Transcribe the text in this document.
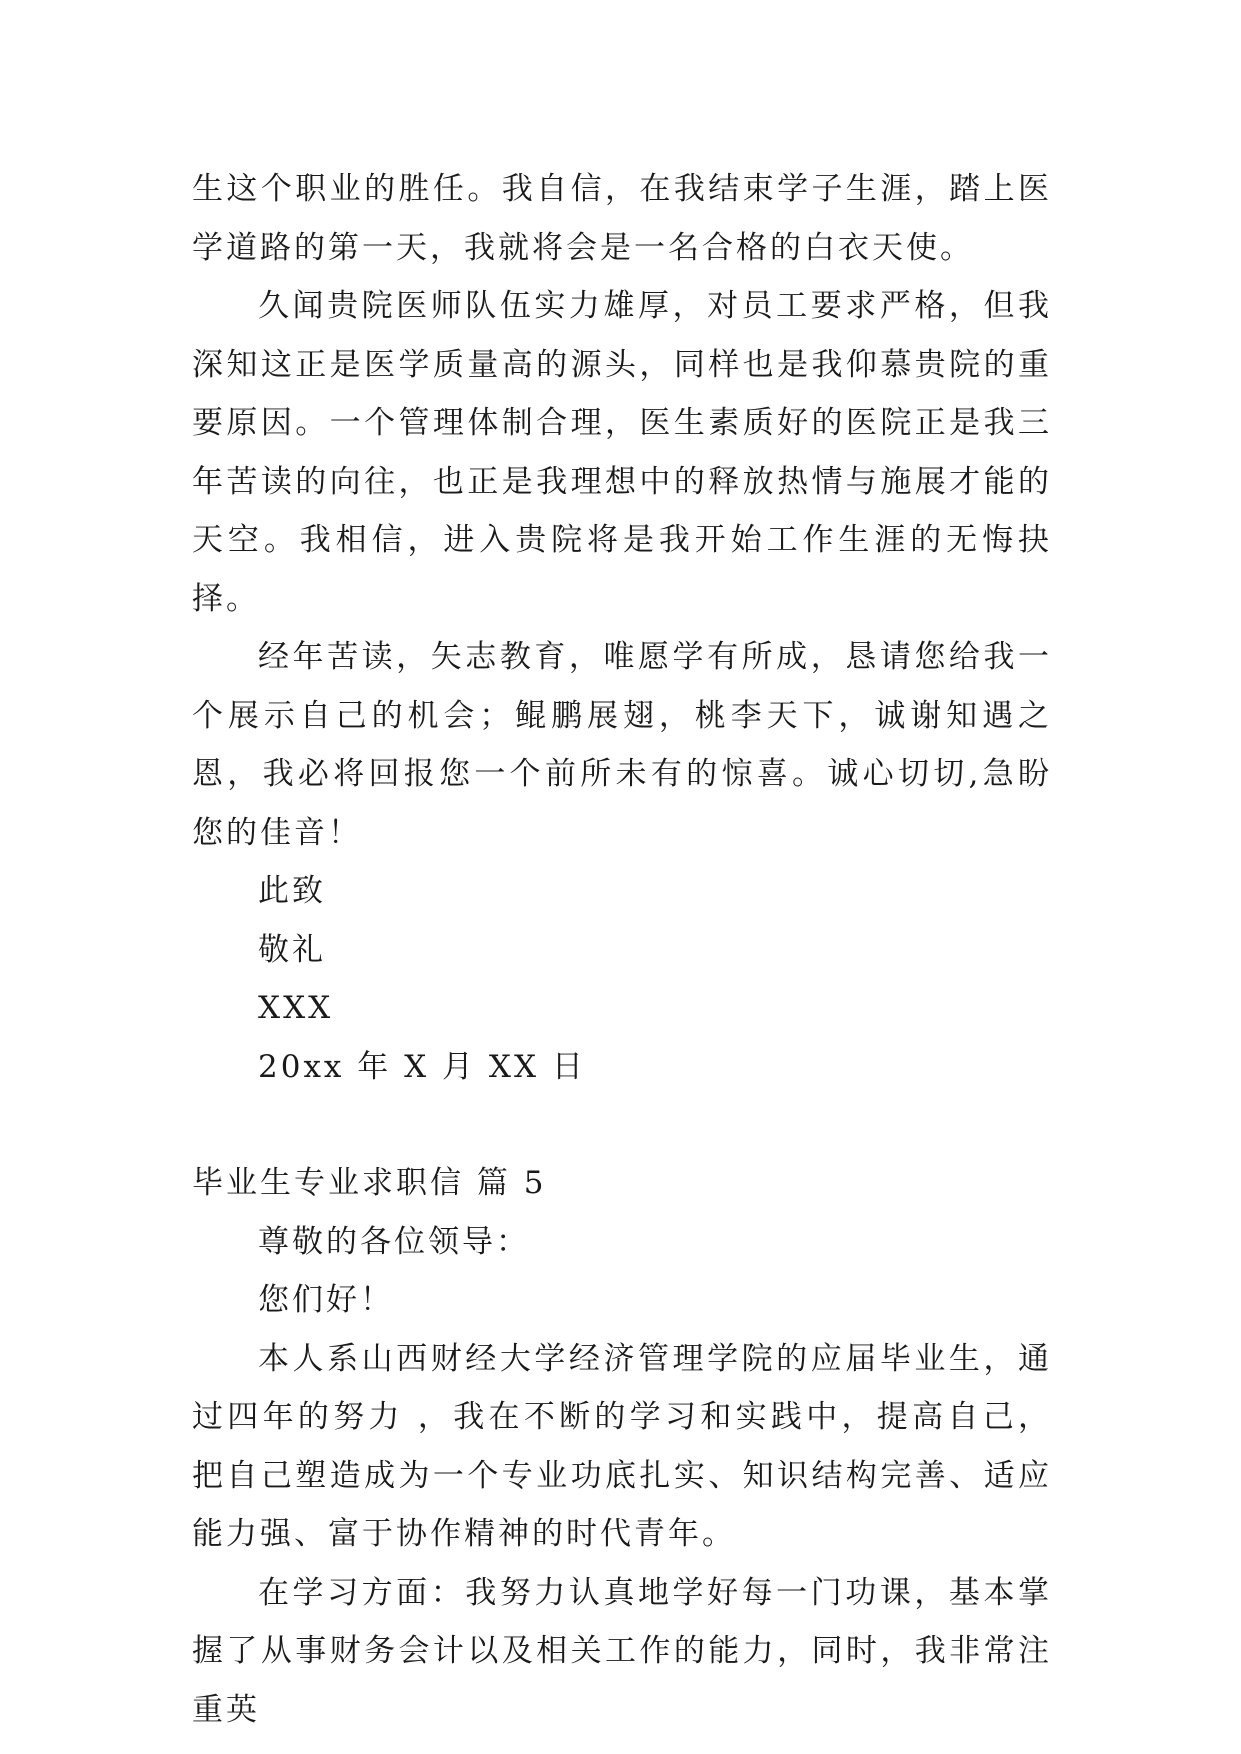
生这个职业的胜任。我自信，在我结束学子生涯，踏上医学道路的第一天，我就将会是一名合格的白衣天使。

久闻贵院医师队伍实力雄厚，对员工要求严格，但我深知这正是医学质量高的源头，同样也是我仰慕贵院的重要原因。一个管理体制合理，医生素质好的医院正是我三年苦读的向往，也正是我理想中的释放热情与施展才能的天空。我相信，进入贵院将是我开始工作生涯的无悔抉择。

经年苦读，矢志教育，唯愿学有所成，恳请您给我一个展示自己的机会；鲲鹏展翅，桃李天下，诚谢知遇之恩，我必将回报您一个前所未有的惊喜。诚心切切,急盼您的佳音！

此致

敬礼

XXX

20xx 年 X 月 XX 日

毕业生专业求职信 篇 5

尊敬的各位领导：

您们好！

本人系山西财经大学经济管理学院的应届毕业生，通过四年的努力 ，我在不断的学习和实践中，提高自己，把自己塑造成为一个专业功底扎实、知识结构完善、适应能力强、富于协作精神的时代青年。

在学习方面：我努力认真地学好每一门功课，基本掌握了从事财务会计以及相关工作的能力，同时，我非常注重英
